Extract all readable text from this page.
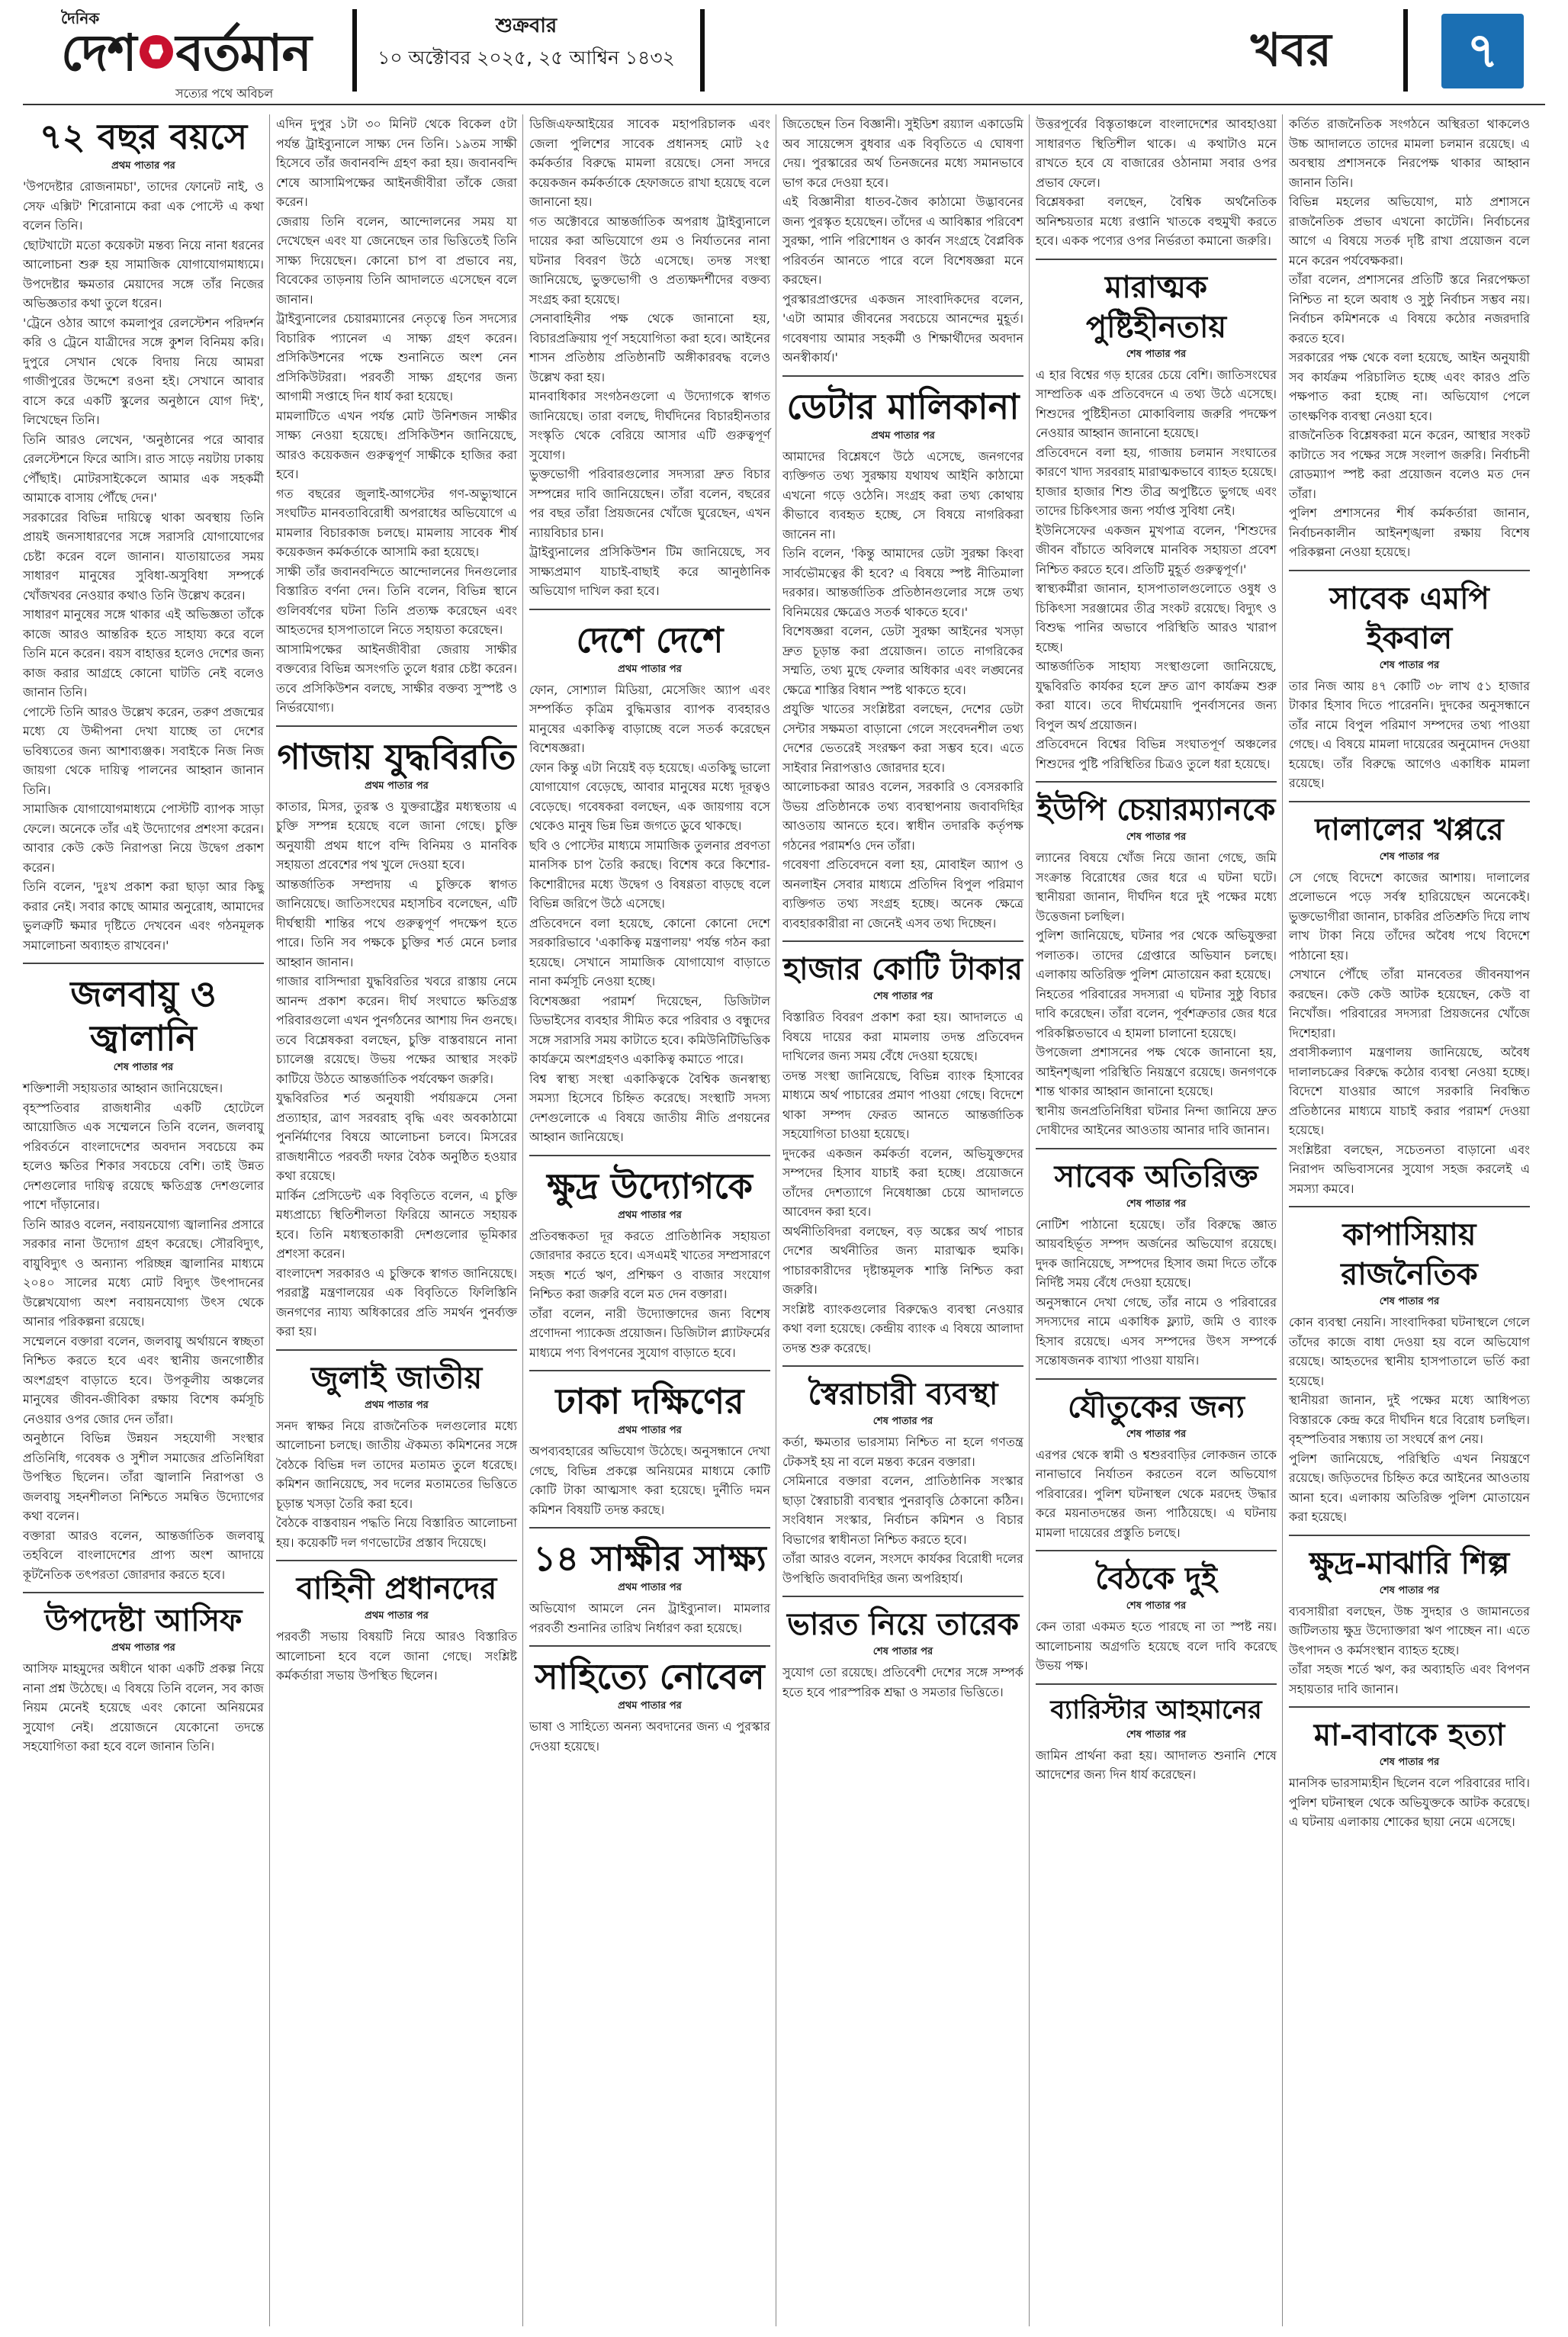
দৈনিক
দেশ বর্তমান
সত্যের পথে অবিচল
শুক্রবার
১০ অক্টোবর ২০২৫, ২৫ আশ্বিন ১৪৩২	খবর	৭
৭২ বছর বয়সে
প্রথম পাতার পর
'উপদেষ্টার রোজনামচা', তাদের ফোনেট নাই, ও সেফ এক্সিট' শিরোনামে করা এক পোস্টে এ কথা বলেন তিনি।
ছোটখাটো মতো কয়েকটা মন্তব্য নিয়ে নানা ধরনের আলোচনা শুরু হয় সামাজিক যোগাযোগমাধ্যমে। উপদেষ্টার ক্ষমতার মেয়াদের সঙ্গে তাঁর নিজের অভিজ্ঞতার কথা তুলে ধরেন।
'ট্রেনে ওঠার আগে কমলাপুর রেলস্টেশন পরিদর্শন করি ও ট্রেনে যাত্রীদের সঙ্গে কুশল বিনিময় করি। দুপুরে সেখান থেকে বিদায় নিয়ে আমরা গাজীপুরের উদ্দেশে রওনা হই। সেখানে আবার বাসে করে একটি স্কুলের অনুষ্ঠানে যোগ দিই', লিখেছেন তিনি।
তিনি আরও লেখেন, 'অনুষ্ঠানের পরে আবার রেলস্টেশনে ফিরে আসি। রাত সাড়ে নয়টায় ঢাকায় পৌঁছাই। মোটরসাইকেলে আমার এক সহকর্মী আমাকে বাসায় পৌঁছে দেন।'
সরকারের বিভিন্ন দায়িত্বে থাকা অবস্থায় তিনি প্রায়ই জনসাধারণের সঙ্গে সরাসরি যোগাযোগের চেষ্টা করেন বলে জানান। যাতায়াতের সময় সাধারণ মানুষের সুবিধা-অসুবিধা সম্পর্কে খোঁজখবর নেওয়ার কথাও তিনি উল্লেখ করেন।
সাধারণ মানুষের সঙ্গে থাকার এই অভিজ্ঞতা তাঁকে কাজে আরও আন্তরিক হতে সাহায্য করে বলে তিনি মনে করেন। বয়স বাহাত্তর হলেও দেশের জন্য কাজ করার আগ্রহে কোনো ঘাটতি নেই বলেও জানান তিনি।
পোস্টে তিনি আরও উল্লেখ করেন, তরুণ প্রজন্মের মধ্যে যে উদ্দীপনা দেখা যাচ্ছে তা দেশের ভবিষ্যতের জন্য আশাব্যঞ্জক। সবাইকে নিজ নিজ জায়গা থেকে দায়িত্ব পালনের আহ্বান জানান তিনি।
সামাজিক যোগাযোগমাধ্যমে পোস্টটি ব্যাপক সাড়া ফেলে। অনেকে তাঁর এই উদ্যোগের প্রশংসা করেন। আবার কেউ কেউ নিরাপত্তা নিয়ে উদ্বেগ প্রকাশ করেন।
তিনি বলেন, 'দুঃখ প্রকাশ করা ছাড়া আর কিছু করার নেই। সবার কাছে আমার অনুরোধ, আমাদের ভুলত্রুটি ক্ষমার দৃষ্টিতে দেখবেন এবং গঠনমূলক সমালোচনা অব্যাহত রাখবেন।'
জলবায়ু ও জ্বালানি
শেষ পাতার পর
শক্তিশালী সহায়তার আহ্বান জানিয়েছেন।
বৃহস্পতিবার রাজধানীর একটি হোটেলে আয়োজিত এক সম্মেলনে তিনি বলেন, জলবায়ু পরিবর্তনে বাংলাদেশের অবদান সবচেয়ে কম হলেও ক্ষতির শিকার সবচেয়ে বেশি। তাই উন্নত দেশগুলোর দায়িত্ব রয়েছে ক্ষতিগ্রস্ত দেশগুলোর পাশে দাঁড়ানোর।
তিনি আরও বলেন, নবায়নযোগ্য জ্বালানির প্রসারে সরকার নানা উদ্যোগ গ্রহণ করেছে। সৌরবিদ্যুৎ, বায়ুবিদ্যুৎ ও অন্যান্য পরিচ্ছন্ন জ্বালানির মাধ্যমে ২০৪০ সালের মধ্যে মোট বিদ্যুৎ উৎপাদনের উল্লেখযোগ্য অংশ নবায়নযোগ্য উৎস থেকে আনার পরিকল্পনা রয়েছে।
সম্মেলনে বক্তারা বলেন, জলবায়ু অর্থায়নে স্বচ্ছতা নিশ্চিত করতে হবে এবং স্থানীয় জনগোষ্ঠীর অংশগ্রহণ বাড়াতে হবে। উপকূলীয় অঞ্চলের মানুষের জীবন-জীবিকা রক্ষায় বিশেষ কর্মসূচি নেওয়ার ওপর জোর দেন তাঁরা।
অনুষ্ঠানে বিভিন্ন উন্নয়ন সহযোগী সংস্থার প্রতিনিধি, গবেষক ও সুশীল সমাজের প্রতিনিধিরা উপস্থিত ছিলেন। তাঁরা জ্বালানি নিরাপত্তা ও জলবায়ু সহনশীলতা নিশ্চিতে সমন্বিত উদ্যোগের কথা বলেন।
বক্তারা আরও বলেন, আন্তর্জাতিক জলবায়ু তহবিলে বাংলাদেশের প্রাপ্য অংশ আদায়ে কূটনৈতিক তৎপরতা জোরদার করতে হবে।
উপদেষ্টা আসিফ
প্রথম পাতার পর
আসিফ মাহমুদের অধীনে থাকা একটি প্রকল্প নিয়ে নানা প্রশ্ন উঠেছে। এ বিষয়ে তিনি বলেন, সব কাজ নিয়ম মেনেই হয়েছে এবং কোনো অনিয়মের সুযোগ নেই। প্রয়োজনে যেকোনো তদন্তে সহযোগিতা করা হবে বলে জানান তিনি।
এদিন দুপুর ১টা ৩০ মিনিট থেকে বিকেল ৫টা পর্যন্ত ট্রাইব্যুনালে সাক্ষ্য দেন তিনি। ১৯তম সাক্ষী হিসেবে তাঁর জবানবন্দি গ্রহণ করা হয়। জবানবন্দি শেষে আসামিপক্ষের আইনজীবীরা তাঁকে জেরা করেন।
জেরায় তিনি বলেন, আন্দোলনের সময় যা দেখেছেন এবং যা জেনেছেন তার ভিত্তিতেই তিনি সাক্ষ্য দিয়েছেন। কোনো চাপ বা প্রভাবে নয়, বিবেকের তাড়নায় তিনি আদালতে এসেছেন বলে জানান।
ট্রাইব্যুনালের চেয়ারম্যানের নেতৃত্বে তিন সদস্যের বিচারিক প্যানেল এ সাক্ষ্য গ্রহণ করেন। প্রসিকিউশনের পক্ষে শুনানিতে অংশ নেন প্রসিকিউটররা। পরবর্তী সাক্ষ্য গ্রহণের জন্য আগামী সপ্তাহে দিন ধার্য করা হয়েছে।
মামলাটিতে এখন পর্যন্ত মোট উনিশজন সাক্ষীর সাক্ষ্য নেওয়া হয়েছে। প্রসিকিউশন জানিয়েছে, আরও কয়েকজন গুরুত্বপূর্ণ সাক্ষীকে হাজির করা হবে।
গত বছরের জুলাই-আগস্টের গণ-অভ্যুত্থানে সংঘটিত মানবতাবিরোধী অপরাধের অভিযোগে এ মামলার বিচারকাজ চলছে। মামলায় সাবেক শীর্ষ কয়েকজন কর্মকর্তাকে আসামি করা হয়েছে।
সাক্ষী তাঁর জবানবন্দিতে আন্দোলনের দিনগুলোর বিস্তারিত বর্ণনা দেন। তিনি বলেন, বিভিন্ন স্থানে গুলিবর্ষণের ঘটনা তিনি প্রত্যক্ষ করেছেন এবং আহতদের হাসপাতালে নিতে সহায়তা করেছেন।
আসামিপক্ষের আইনজীবীরা জেরায় সাক্ষীর বক্তব্যের বিভিন্ন অসংগতি তুলে ধরার চেষ্টা করেন। তবে প্রসিকিউশন বলছে, সাক্ষীর বক্তব্য সুস্পষ্ট ও নির্ভরযোগ্য।
গাজায় যুদ্ধবিরতি
প্রথম পাতার পর
কাতার, মিসর, তুরস্ক ও যুক্তরাষ্ট্রের মধ্যস্থতায় এ চুক্তি সম্পন্ন হয়েছে বলে জানা গেছে। চুক্তি অনুযায়ী প্রথম ধাপে বন্দি বিনিময় ও মানবিক সহায়তা প্রবেশের পথ খুলে দেওয়া হবে।
আন্তর্জাতিক সম্প্রদায় এ চুক্তিকে স্বাগত জানিয়েছে। জাতিসংঘের মহাসচিব বলেছেন, এটি দীর্ঘস্থায়ী শান্তির পথে গুরুত্বপূর্ণ পদক্ষেপ হতে পারে। তিনি সব পক্ষকে চুক্তির শর্ত মেনে চলার আহ্বান জানান।
গাজার বাসিন্দারা যুদ্ধবিরতির খবরে রাস্তায় নেমে আনন্দ প্রকাশ করেন। দীর্ঘ সংঘাতে ক্ষতিগ্রস্ত পরিবারগুলো এখন পুনর্গঠনের আশায় দিন গুনছে।
তবে বিশ্লেষকরা বলছেন, চুক্তি বাস্তবায়নে নানা চ্যালেঞ্জ রয়েছে। উভয় পক্ষের আস্থার সংকট কাটিয়ে উঠতে আন্তর্জাতিক পর্যবেক্ষণ জরুরি।
যুদ্ধবিরতির শর্ত অনুযায়ী পর্যায়ক্রমে সেনা প্রত্যাহার, ত্রাণ সরবরাহ বৃদ্ধি এবং অবকাঠামো পুনর্নির্মাণের বিষয়ে আলোচনা চলবে। মিসরের রাজধানীতে পরবর্তী দফার বৈঠক অনুষ্ঠিত হওয়ার কথা রয়েছে।
মার্কিন প্রেসিডেন্ট এক বিবৃতিতে বলেন, এ চুক্তি মধ্যপ্রাচ্যে স্থিতিশীলতা ফিরিয়ে আনতে সহায়ক হবে। তিনি মধ্যস্থতাকারী দেশগুলোর ভূমিকার প্রশংসা করেন।
বাংলাদেশ সরকারও এ চুক্তিকে স্বাগত জানিয়েছে। পররাষ্ট্র মন্ত্রণালয়ের এক বিবৃতিতে ফিলিস্তিনি জনগণের ন্যায্য অধিকারের প্রতি সমর্থন পুনর্ব্যক্ত করা হয়।
জুলাই জাতীয়
প্রথম পাতার পর
সনদ স্বাক্ষর নিয়ে রাজনৈতিক দলগুলোর মধ্যে আলোচনা চলছে। জাতীয় ঐকমত্য কমিশনের সঙ্গে বৈঠকে বিভিন্ন দল তাদের মতামত তুলে ধরেছে। কমিশন জানিয়েছে, সব দলের মতামতের ভিত্তিতে চূড়ান্ত খসড়া তৈরি করা হবে।
বৈঠকে বাস্তবায়ন পদ্ধতি নিয়ে বিস্তারিত আলোচনা হয়। কয়েকটি দল গণভোটের প্রস্তাব দিয়েছে।
বাহিনী প্রধানদের
প্রথম পাতার পর
পরবর্তী সভায় বিষয়টি নিয়ে আরও বিস্তারিত আলোচনা হবে বলে জানা গেছে। সংশ্লিষ্ট কর্মকর্তারা সভায় উপস্থিত ছিলেন।
ডিজিএফআইয়ের সাবেক মহাপরিচালক এবং জেলা পুলিশের সাবেক প্রধানসহ মোট ২৫ কর্মকর্তার বিরুদ্ধে মামলা রয়েছে। সেনা সদরে কয়েকজন কর্মকর্তাকে হেফাজতে রাখা হয়েছে বলে জানানো হয়।
গত অক্টোবরে আন্তর্জাতিক অপরাধ ট্রাইব্যুনালে দায়ের করা অভিযোগে গুম ও নির্যাতনের নানা ঘটনার বিবরণ উঠে এসেছে। তদন্ত সংস্থা জানিয়েছে, ভুক্তভোগী ও প্রত্যক্ষদর্শীদের বক্তব্য সংগ্রহ করা হয়েছে।
সেনাবাহিনীর পক্ষ থেকে জানানো হয়, বিচারপ্রক্রিয়ায় পূর্ণ সহযোগিতা করা হবে। আইনের শাসন প্রতিষ্ঠায় প্রতিষ্ঠানটি অঙ্গীকারবদ্ধ বলেও উল্লেখ করা হয়।
মানবাধিকার সংগঠনগুলো এ উদ্যোগকে স্বাগত জানিয়েছে। তারা বলছে, দীর্ঘদিনের বিচারহীনতার সংস্কৃতি থেকে বেরিয়ে আসার এটি গুরুত্বপূর্ণ সুযোগ।
ভুক্তভোগী পরিবারগুলোর সদস্যরা দ্রুত বিচার সম্পন্নের দাবি জানিয়েছেন। তাঁরা বলেন, বছরের পর বছর তাঁরা প্রিয়জনের খোঁজে ঘুরেছেন, এখন ন্যায়বিচার চান।
ট্রাইব্যুনালের প্রসিকিউশন টিম জানিয়েছে, সব সাক্ষ্যপ্রমাণ যাচাই-বাছাই করে আনুষ্ঠানিক অভিযোগ দাখিল করা হবে।
দেশে দেশে
প্রথম পাতার পর
ফোন, সোশ্যাল মিডিয়া, মেসেজিং অ্যাপ এবং সম্পর্কিত কৃত্রিম বুদ্ধিমত্তার ব্যাপক ব্যবহারও মানুষের একাকিত্ব বাড়াচ্ছে বলে সতর্ক করেছেন বিশেষজ্ঞরা।
ফোন কিন্তু এটা নিয়েই বড় হয়েছে। এতকিছু ভালো যোগাযোগ বেড়েছে, আবার মানুষের মধ্যে দূরত্বও বেড়েছে। গবেষকরা বলছেন, এক জায়গায় বসে থেকেও মানুষ ভিন্ন ভিন্ন জগতে ডুবে থাকছে।
ছবি ও পোস্টের মাধ্যমে সামাজিক তুলনার প্রবণতা মানসিক চাপ তৈরি করছে। বিশেষ করে কিশোর-কিশোরীদের মধ্যে উদ্বেগ ও বিষণ্ণতা বাড়ছে বলে বিভিন্ন জরিপে উঠে এসেছে।
প্রতিবেদনে বলা হয়েছে, কোনো কোনো দেশে সরকারিভাবে 'একাকিত্ব মন্ত্রণালয়' পর্যন্ত গঠন করা হয়েছে। সেখানে সামাজিক যোগাযোগ বাড়াতে নানা কর্মসূচি নেওয়া হচ্ছে।
বিশেষজ্ঞরা পরামর্শ দিয়েছেন, ডিজিটাল ডিভাইসের ব্যবহার সীমিত করে পরিবার ও বন্ধুদের সঙ্গে সরাসরি সময় কাটাতে হবে। কমিউনিটিভিত্তিক কার্যক্রমে অংশগ্রহণও একাকিত্ব কমাতে পারে।
বিশ্ব স্বাস্থ্য সংস্থা একাকিত্বকে বৈশ্বিক জনস্বাস্থ্য সমস্যা হিসেবে চিহ্নিত করেছে। সংস্থাটি সদস্য দেশগুলোকে এ বিষয়ে জাতীয় নীতি প্রণয়নের আহ্বান জানিয়েছে।
ক্ষুদ্র উদ্যোগকে
প্রথম পাতার পর
প্রতিবন্ধকতা দূর করতে প্রাতিষ্ঠানিক সহায়তা জোরদার করতে হবে। এসএমই খাতের সম্প্রসারণে সহজ শর্তে ঋণ, প্রশিক্ষণ ও বাজার সংযোগ নিশ্চিত করা জরুরি বলে মত দেন বক্তারা।
তাঁরা বলেন, নারী উদ্যোক্তাদের জন্য বিশেষ প্রণোদনা প্যাকেজ প্রয়োজন। ডিজিটাল প্ল্যাটফর্মের মাধ্যমে পণ্য বিপণনের সুযোগ বাড়াতে হবে।
ঢাকা দক্ষিণের
প্রথম পাতার পর
অপব্যবহারের অভিযোগ উঠেছে। অনুসন্ধানে দেখা গেছে, বিভিন্ন প্রকল্পে অনিয়মের মাধ্যমে কোটি কোটি টাকা আত্মসাৎ করা হয়েছে। দুর্নীতি দমন কমিশন বিষয়টি তদন্ত করছে।
১৪ সাক্ষীর সাক্ষ্য
প্রথম পাতার পর
অভিযোগ আমলে নেন ট্রাইব্যুনাল। মামলার পরবর্তী শুনানির তারিখ নির্ধারণ করা হয়েছে।
সাহিত্যে নোবেল
প্রথম পাতার পর
ভাষা ও সাহিত্যে অনন্য অবদানের জন্য এ পুরস্কার দেওয়া হয়েছে।
জিতেছেন তিন বিজ্ঞানী। সুইডিশ রয়্যাল একাডেমি অব সায়েন্সেস বুধবার এক বিবৃতিতে এ ঘোষণা দেয়। পুরস্কারের অর্থ তিনজনের মধ্যে সমানভাবে ভাগ করে দেওয়া হবে।
এই বিজ্ঞানীরা ধাতব-জৈব কাঠামো উদ্ভাবনের জন্য পুরস্কৃত হয়েছেন। তাঁদের এ আবিষ্কার পরিবেশ সুরক্ষা, পানি পরিশোধন ও কার্বন সংগ্রহে বৈপ্লবিক পরিবর্তন আনতে পারে বলে বিশেষজ্ঞরা মনে করছেন।
পুরস্কারপ্রাপ্তদের একজন সাংবাদিকদের বলেন, 'এটা আমার জীবনের সবচেয়ে আনন্দের মুহূর্ত। গবেষণায় আমার সহকর্মী ও শিক্ষার্থীদের অবদান অনস্বীকার্য।'
ডেটার মালিকানা
প্রথম পাতার পর
আমাদের বিশ্লেষণে উঠে এসেছে, জনগণের ব্যক্তিগত তথ্য সুরক্ষায় যথাযথ আইনি কাঠামো এখনো গড়ে ওঠেনি। সংগ্রহ করা তথ্য কোথায় কীভাবে ব্যবহৃত হচ্ছে, সে বিষয়ে নাগরিকরা জানেন না।
তিনি বলেন, 'কিন্তু আমাদের ডেটা সুরক্ষা কিংবা সার্বভৌমত্বের কী হবে? এ বিষয়ে স্পষ্ট নীতিমালা দরকার। আন্তর্জাতিক প্রতিষ্ঠানগুলোর সঙ্গে তথ্য বিনিময়ের ক্ষেত্রেও সতর্ক থাকতে হবে।'
বিশেষজ্ঞরা বলেন, ডেটা সুরক্ষা আইনের খসড়া দ্রুত চূড়ান্ত করা প্রয়োজন। তাতে নাগরিকের সম্মতি, তথ্য মুছে ফেলার অধিকার এবং লঙ্ঘনের ক্ষেত্রে শাস্তির বিধান স্পষ্ট থাকতে হবে।
প্রযুক্তি খাতের সংশ্লিষ্টরা বলছেন, দেশের ডেটা সেন্টার সক্ষমতা বাড়ানো গেলে সংবেদনশীল তথ্য দেশের ভেতরেই সংরক্ষণ করা সম্ভব হবে। এতে সাইবার নিরাপত্তাও জোরদার হবে।
আলোচকরা আরও বলেন, সরকারি ও বেসরকারি উভয় প্রতিষ্ঠানকে তথ্য ব্যবস্থাপনায় জবাবদিহির আওতায় আনতে হবে। স্বাধীন তদারকি কর্তৃপক্ষ গঠনের পরামর্শও দেন তাঁরা।
গবেষণা প্রতিবেদনে বলা হয়, মোবাইল অ্যাপ ও অনলাইন সেবার মাধ্যমে প্রতিদিন বিপুল পরিমাণ ব্যক্তিগত তথ্য সংগ্রহ হচ্ছে। অনেক ক্ষেত্রে ব্যবহারকারীরা না জেনেই এসব তথ্য দিচ্ছেন।
হাজার কোটি টাকার
শেষ পাতার পর
বিস্তারিত বিবরণ প্রকাশ করা হয়। আদালতে এ বিষয়ে দায়ের করা মামলায় তদন্ত প্রতিবেদন দাখিলের জন্য সময় বেঁধে দেওয়া হয়েছে।
তদন্ত সংস্থা জানিয়েছে, বিভিন্ন ব্যাংক হিসাবের মাধ্যমে অর্থ পাচারের প্রমাণ পাওয়া গেছে। বিদেশে থাকা সম্পদ ফেরত আনতে আন্তর্জাতিক সহযোগিতা চাওয়া হয়েছে।
দুদকের একজন কর্মকর্তা বলেন, অভিযুক্তদের সম্পদের হিসাব যাচাই করা হচ্ছে। প্রয়োজনে তাঁদের দেশত্যাগে নিষেধাজ্ঞা চেয়ে আদালতে আবেদন করা হবে।
অর্থনীতিবিদরা বলছেন, বড় অঙ্কের অর্থ পাচার দেশের অর্থনীতির জন্য মারাত্মক হুমকি। পাচারকারীদের দৃষ্টান্তমূলক শাস্তি নিশ্চিত করা জরুরি।
সংশ্লিষ্ট ব্যাংকগুলোর বিরুদ্ধেও ব্যবস্থা নেওয়ার কথা বলা হয়েছে। কেন্দ্রীয় ব্যাংক এ বিষয়ে আলাদা তদন্ত শুরু করেছে।
স্বৈরাচারী ব্যবস্থা
শেষ পাতার পর
কর্তা, ক্ষমতার ভারসাম্য নিশ্চিত না হলে গণতন্ত্র টেকসই হয় না বলে মন্তব্য করেন বক্তারা।
সেমিনারে বক্তারা বলেন, প্রাতিষ্ঠানিক সংস্কার ছাড়া স্বৈরাচারী ব্যবস্থার পুনরাবৃত্তি ঠেকানো কঠিন। সংবিধান সংস্কার, নির্বাচন কমিশন ও বিচার বিভাগের স্বাধীনতা নিশ্চিত করতে হবে।
তাঁরা আরও বলেন, সংসদে কার্যকর বিরোধী দলের উপস্থিতি জবাবদিহির জন্য অপরিহার্য।
ভারত নিয়ে তারেক
শেষ পাতার পর
সুযোগ তো রয়েছে। প্রতিবেশী দেশের সঙ্গে সম্পর্ক হতে হবে পারস্পরিক শ্রদ্ধা ও সমতার ভিত্তিতে।
উত্তরপূর্বের বিস্তৃতাঞ্চলে বাংলাদেশের আবহাওয়া সাধারণত স্থিতিশীল থাকে। এ কথাটাও মনে রাখতে হবে যে বাজারের ওঠানামা সবার ওপর প্রভাব ফেলে।
বিশ্লেষকরা বলছেন, বৈশ্বিক অর্থনৈতিক অনিশ্চয়তার মধ্যে রপ্তানি খাতকে বহুমুখী করতে হবে। একক পণ্যের ওপর নির্ভরতা কমানো জরুরি।
মারাত্মক পুষ্টিহীনতায়
শেষ পাতার পর
এ হার বিশ্বের গড় হারের চেয়ে বেশি। জাতিসংঘের সাম্প্রতিক এক প্রতিবেদনে এ তথ্য উঠে এসেছে। শিশুদের পুষ্টিহীনতা মোকাবিলায় জরুরি পদক্ষেপ নেওয়ার আহ্বান জানানো হয়েছে।
প্রতিবেদনে বলা হয়, গাজায় চলমান সংঘাতের কারণে খাদ্য সরবরাহ মারাত্মকভাবে ব্যাহত হয়েছে। হাজার হাজার শিশু তীব্র অপুষ্টিতে ভুগছে এবং তাদের চিকিৎসার জন্য পর্যাপ্ত সুবিধা নেই।
ইউনিসেফের একজন মুখপাত্র বলেন, 'শিশুদের জীবন বাঁচাতে অবিলম্বে মানবিক সহায়তা প্রবেশ নিশ্চিত করতে হবে। প্রতিটি মুহূর্ত গুরুত্বপূর্ণ।'
স্বাস্থ্যকর্মীরা জানান, হাসপাতালগুলোতে ওষুধ ও চিকিৎসা সরঞ্জামের তীব্র সংকট রয়েছে। বিদ্যুৎ ও বিশুদ্ধ পানির অভাবে পরিস্থিতি আরও খারাপ হচ্ছে।
আন্তর্জাতিক সাহায্য সংস্থাগুলো জানিয়েছে, যুদ্ধবিরতি কার্যকর হলে দ্রুত ত্রাণ কার্যক্রম শুরু করা যাবে। তবে দীর্ঘমেয়াদি পুনর্বাসনের জন্য বিপুল অর্থ প্রয়োজন।
প্রতিবেদনে বিশ্বের বিভিন্ন সংঘাতপূর্ণ অঞ্চলের শিশুদের পুষ্টি পরিস্থিতির চিত্রও তুলে ধরা হয়েছে।
ইউপি চেয়ারম্যানকে
শেষ পাতার পর
ল্যানের বিষয়ে খোঁজ নিয়ে জানা গেছে, জমি সংক্রান্ত বিরোধের জের ধরে এ ঘটনা ঘটে। স্থানীয়রা জানান, দীর্ঘদিন ধরে দুই পক্ষের মধ্যে উত্তেজনা চলছিল।
পুলিশ জানিয়েছে, ঘটনার পর থেকে অভিযুক্তরা পলাতক। তাদের গ্রেপ্তারে অভিযান চলছে। এলাকায় অতিরিক্ত পুলিশ মোতায়েন করা হয়েছে।
নিহতের পরিবারের সদস্যরা এ ঘটনার সুষ্ঠু বিচার দাবি করেছেন। তাঁরা বলেন, পূর্বশত্রুতার জের ধরে পরিকল্পিতভাবে এ হামলা চালানো হয়েছে।
উপজেলা প্রশাসনের পক্ষ থেকে জানানো হয়, আইনশৃঙ্খলা পরিস্থিতি নিয়ন্ত্রণে রয়েছে। জনগণকে শান্ত থাকার আহ্বান জানানো হয়েছে।
স্থানীয় জনপ্রতিনিধিরা ঘটনার নিন্দা জানিয়ে দ্রুত দোষীদের আইনের আওতায় আনার দাবি জানান।
সাবেক অতিরিক্ত
শেষ পাতার পর
নোটিশ পাঠানো হয়েছে। তাঁর বিরুদ্ধে জ্ঞাত আয়বহির্ভূত সম্পদ অর্জনের অভিযোগ রয়েছে। দুদক জানিয়েছে, সম্পদের হিসাব জমা দিতে তাঁকে নির্দিষ্ট সময় বেঁধে দেওয়া হয়েছে।
অনুসন্ধানে দেখা গেছে, তাঁর নামে ও পরিবারের সদস্যদের নামে একাধিক ফ্ল্যাট, জমি ও ব্যাংক হিসাব রয়েছে। এসব সম্পদের উৎস সম্পর্কে সন্তোষজনক ব্যাখ্যা পাওয়া যায়নি।
যৌতুকের জন্য
শেষ পাতার পর
এরপর থেকে স্বামী ও শ্বশুরবাড়ির লোকজন তাকে নানাভাবে নির্যাতন করতেন বলে অভিযোগ পরিবারের। পুলিশ ঘটনাস্থল থেকে মরদেহ উদ্ধার করে ময়নাতদন্তের জন্য পাঠিয়েছে। এ ঘটনায় মামলা দায়েরের প্রস্তুতি চলছে।
বৈঠকে দুই
শেষ পাতার পর
কেন তারা একমত হতে পারছে না তা স্পষ্ট নয়। আলোচনায় অগ্রগতি হয়েছে বলে দাবি করেছে উভয় পক্ষ।
ব্যারিস্টার আহমানের
শেষ পাতার পর
জামিন প্রার্থনা করা হয়। আদালত শুনানি শেষে আদেশের জন্য দিন ধার্য করেছেন।
কর্তিত রাজনৈতিক সংগঠনে অস্থিরতা থাকলেও উচ্চ আদালতে তাদের মামলা চলমান রয়েছে। এ অবস্থায় প্রশাসনকে নিরপেক্ষ থাকার আহ্বান জানান তিনি।
বিভিন্ন মহলের অভিযোগ, মাঠ প্রশাসনে রাজনৈতিক প্রভাব এখনো কাটেনি। নির্বাচনের আগে এ বিষয়ে সতর্ক দৃষ্টি রাখা প্রয়োজন বলে মনে করেন পর্যবেক্ষকরা।
তাঁরা বলেন, প্রশাসনের প্রতিটি স্তরে নিরপেক্ষতা নিশ্চিত না হলে অবাধ ও সুষ্ঠু নির্বাচন সম্ভব নয়। নির্বাচন কমিশনকে এ বিষয়ে কঠোর নজরদারি করতে হবে।
সরকারের পক্ষ থেকে বলা হয়েছে, আইন অনুযায়ী সব কার্যক্রম পরিচালিত হচ্ছে এবং কারও প্রতি পক্ষপাত করা হচ্ছে না। অভিযোগ পেলে তাৎক্ষণিক ব্যবস্থা নেওয়া হবে।
রাজনৈতিক বিশ্লেষকরা মনে করেন, আস্থার সংকট কাটাতে সব পক্ষের সঙ্গে সংলাপ জরুরি। নির্বাচনী রোডম্যাপ স্পষ্ট করা প্রয়োজন বলেও মত দেন তাঁরা।
পুলিশ প্রশাসনের শীর্ষ কর্মকর্তারা জানান, নির্বাচনকালীন আইনশৃঙ্খলা রক্ষায় বিশেষ পরিকল্পনা নেওয়া হয়েছে।
সাবেক এমপি ইকবাল
শেষ পাতার পর
তার নিজ আয় ৪৭ কোটি ৩৮ লাখ ৫১ হাজার টাকার হিসাব দিতে পারেননি। দুদকের অনুসন্ধানে তাঁর নামে বিপুল পরিমাণ সম্পদের তথ্য পাওয়া গেছে। এ বিষয়ে মামলা দায়েরের অনুমোদন দেওয়া হয়েছে। তাঁর বিরুদ্ধে আগেও একাধিক মামলা রয়েছে।
দালালের খপ্পরে
শেষ পাতার পর
সে গেছে বিদেশে কাজের আশায়। দালালের প্রলোভনে পড়ে সর্বস্ব হারিয়েছেন অনেকেই। ভুক্তভোগীরা জানান, চাকরির প্রতিশ্রুতি দিয়ে লাখ লাখ টাকা নিয়ে তাঁদের অবৈধ পথে বিদেশে পাঠানো হয়।
সেখানে পৌঁছে তাঁরা মানবেতর জীবনযাপন করছেন। কেউ কেউ আটক হয়েছেন, কেউ বা নিখোঁজ। পরিবারের সদস্যরা প্রিয়জনের খোঁজে দিশেহারা।
প্রবাসীকল্যাণ মন্ত্রণালয় জানিয়েছে, অবৈধ দালালচক্রের বিরুদ্ধে কঠোর ব্যবস্থা নেওয়া হচ্ছে। বিদেশে যাওয়ার আগে সরকারি নিবন্ধিত প্রতিষ্ঠানের মাধ্যমে যাচাই করার পরামর্শ দেওয়া হয়েছে।
সংশ্লিষ্টরা বলছেন, সচেতনতা বাড়ানো এবং নিরাপদ অভিবাসনের সুযোগ সহজ করলেই এ সমস্যা কমবে।
কাপাসিয়ায় রাজনৈতিক
শেষ পাতার পর
কোন ব্যবস্থা নেয়নি। সাংবাদিকরা ঘটনাস্থলে গেলে তাঁদের কাজে বাধা দেওয়া হয় বলে অভিযোগ রয়েছে। আহতদের স্থানীয় হাসপাতালে ভর্তি করা হয়েছে।
স্থানীয়রা জানান, দুই পক্ষের মধ্যে আধিপত্য বিস্তারকে কেন্দ্র করে দীর্ঘদিন ধরে বিরোধ চলছিল। বৃহস্পতিবার সন্ধ্যায় তা সংঘর্ষে রূপ নেয়।
পুলিশ জানিয়েছে, পরিস্থিতি এখন নিয়ন্ত্রণে রয়েছে। জড়িতদের চিহ্নিত করে আইনের আওতায় আনা হবে। এলাকায় অতিরিক্ত পুলিশ মোতায়েন করা হয়েছে।
ক্ষুদ্র-মাঝারি শিল্প
শেষ পাতার পর
ব্যবসায়ীরা বলছেন, উচ্চ সুদহার ও জামানতের জটিলতায় ক্ষুদ্র উদ্যোক্তারা ঋণ পাচ্ছেন না। এতে উৎপাদন ও কর্মসংস্থান ব্যাহত হচ্ছে।
তাঁরা সহজ শর্তে ঋণ, কর অব্যাহতি এবং বিপণন সহায়তার দাবি জানান।
মা-বাবাকে হত্যা
শেষ পাতার পর
মানসিক ভারসাম্যহীন ছিলেন বলে পরিবারের দাবি। পুলিশ ঘটনাস্থল থেকে অভিযুক্তকে আটক করেছে। এ ঘটনায় এলাকায় শোকের ছায়া নেমে এসেছে।
